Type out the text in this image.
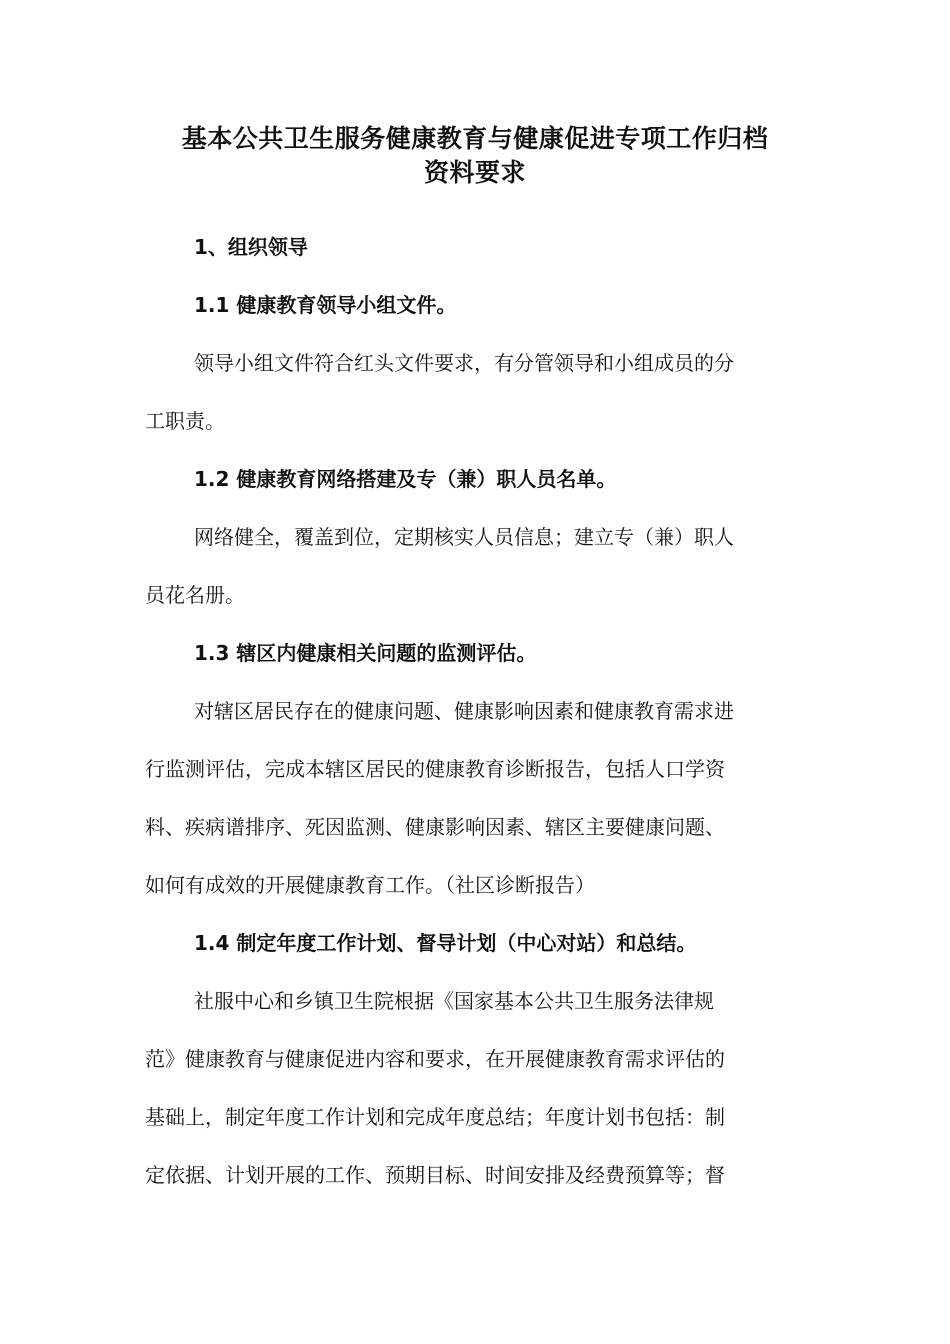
基本公共卫生服务健康教育与健康促进专项工作归档
资料要求
1、组织领导
1.1 健康教育领导小组文件。
领导小组文件符合红头文件要求，有分管领导和小组成员的分
工职责。
1.2 健康教育网络搭建及专（兼）职人员名单。
网络健全，覆盖到位，定期核实人员信息；建立专（兼）职人
员花名册。
1.3 辖区内健康相关问题的监测评估。
对辖区居民存在的健康问题、健康影响因素和健康教育需求进
行监测评估，完成本辖区居民的健康教育诊断报告，包括人口学资
料、疾病谱排序、死因监测、健康影响因素、辖区主要健康问题、
如何有成效的开展健康教育工作。（社区诊断报告）
1.4 制定年度工作计划、督导计划（中心对站）和总结。
社服中心和乡镇卫生院根据《国家基本公共卫生服务法律规
范》健康教育与健康促进内容和要求，在开展健康教育需求评估的
基础上，制定年度工作计划和完成年度总结；年度计划书包括：制
定依据、计划开展的工作、预期目标、时间安排及经费预算等；督
